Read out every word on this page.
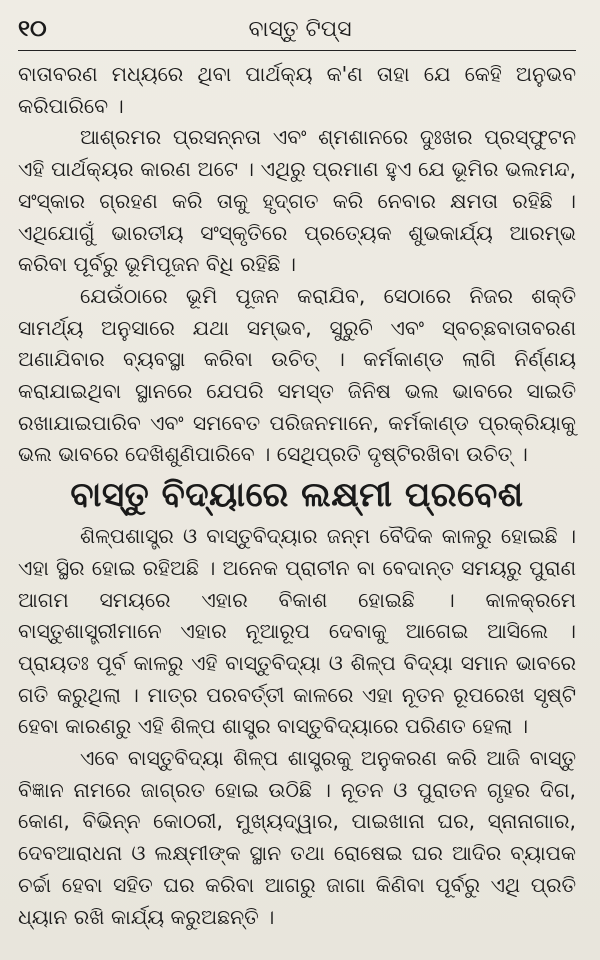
୧୦	ବାସ୍ତୁ ଟିପ୍ସ

ବାତାବରଣ ମଧ୍ୟରେ ଥିବା ପାର୍ଥକ୍ୟ କ'ଣ ତାହା ଯେ କେହି ଅନୁଭବ କରିପାରିବେ ।

ଆଶ୍ରମର ପ୍ରସନ୍ନତା ଏବଂ ଶ୍ମଶାନରେ ଦୁଃଖର ପ୍ରସ୍ଫୁଟନ ଏହି ପାର୍ଥକ୍ୟର କାରଣ ଅଟେ । ଏଥିରୁ ପ୍ରମାଣ ହୁଏ ଯେ ଭୂମିର ଭଲମନ୍ଦ, ସଂସ୍କାର ଗ୍ରହଣ କରି ତାକୁ ହୃଦ୍‌ଗତ କରି ନେବାର କ୍ଷମତା ରହିଛି । ଏଥିଯୋଗୁଁ ଭାରତୀୟ ସଂସ୍କୃତିରେ ପ୍ରତ୍ୟେକ ଶୁଭକାର୍ଯ୍ୟ ଆରମ୍ଭ କରିବା ପୂର୍ବରୁ ଭୂମିପୂଜନ ବିଧି ରହିଛି ।

ଯେଉଁଠାରେ ଭୂମି ପୂଜନ କରାଯିବ, ସେଠାରେ ନିଜର ଶକ୍ତି ସାମର୍ଥ୍ୟ ଅନୁସାରେ ଯଥା ସମ୍ଭବ, ସୁରୁଚି ଏବଂ ସ୍ବଚ୍ଛବାତାବରଣ ଅଣାଯିବାର ବ୍ୟବସ୍ଥା କରିବା ଉଚିତ୍ । କର୍ମକାଣ୍ଡ ଲାଗି ନିର୍ଣ୍ଣୟ କରାଯାଇଥିବା ସ୍ଥାନରେ ଯେପରି ସମସ୍ତ ଜିନିଷ ଭଲ ଭାବରେ ସାଇତି ରଖାଯାଇପାରିବ ଏବଂ ସମବେତ ପରିଜନମାନେ, କର୍ମକାଣ୍ଡ ପ୍ରକ୍ରିୟାକୁ ଭଲ ଭାବରେ ଦେଖିଶୁଣିପାରିବେ । ସେଥିପ୍ରତି ଦୃଷ୍ଟିରଖିବା ଉଚିତ୍ ।

ବାସ୍ତୁ ବିଦ୍ୟାରେ ଲକ୍ଷ୍ମୀ ପ୍ରବେଶ

ଶିଳ୍ପଶାସ୍ତ୍ର ଓ ବାସ୍ତୁବିଦ୍ୟାର ଜନ୍ମ ବୈଦିକ କାଳରୁ ହୋଇଛି । ଏହା ସ୍ଥିର ହୋଇ ରହିଅଛି । ଅନେକ ପ୍ରାଚୀନ ବା ବେଦାନ୍ତ ସମୟରୁ ପୁରାଣ ଆଗମ ସମୟରେ ଏହାର ବିକାଶ ହୋଇଛି । କାଳକ୍ରମେ ବାସ୍ତୁଶାସ୍ତ୍ରୀମାନେ ଏହାର ନୂଆରୂପ ଦେବାକୁ ଆଗେଇ ଆସିଲେ । ପ୍ରାୟତଃ ପୂର୍ବ କାଳରୁ ଏହି ବାସ୍ତୁବିଦ୍ୟା ଓ ଶିଳ୍ପ ବିଦ୍ୟା ସମାନ ଭାବରେ ଗତି କରୁଥିଲା । ମାତ୍ର ପରବର୍ତ୍ତୀ କାଳରେ ଏହା ନୂତନ ରୂପରେଖ ସୃଷ୍ଟି ହେବା କାରଣରୁ ଏହି ଶିଳ୍ପ ଶାସ୍ତ୍ର ବାସ୍ତୁବିଦ୍ୟାରେ ପରିଣତ ହେଲା ।

ଏବେ ବାସ୍ତୁବିଦ୍ୟା ଶିଳ୍ପ ଶାସ୍ତ୍ରକୁ ଅନୁକରଣ କରି ଆଜି ବାସ୍ତୁ ବିଜ୍ଞାନ ନାମରେ ଜାଗ୍ରତ ହୋଇ ଉଠିଛି । ନୂତନ ଓ ପୁରାତନ ଗୃହର ଦିଗ, କୋଣ, ବିଭିନ୍ନ କୋଠରୀ, ମୁଖ୍ୟଦ୍ୱାର, ପାଇଖାନା ଘର, ସ୍ନାନାଗାର, ଦେବଆରାଧନା ଓ ଲକ୍ଷ୍ମୀଙ୍କ ସ୍ଥାନ ତଥା ରୋଷେଇ ଘର ଆଦିର ବ୍ୟାପକ ଚର୍ଚ୍ଚା ହେବା ସହିତ ଘର କରିବା ଆଗରୁ ଜାଗା କିଣିବା ପୂର୍ବରୁ ଏଥି ପ୍ରତି ଧ୍ୟାନ ରଖି କାର୍ଯ୍ୟ କରୁଅଛନ୍ତି ।
